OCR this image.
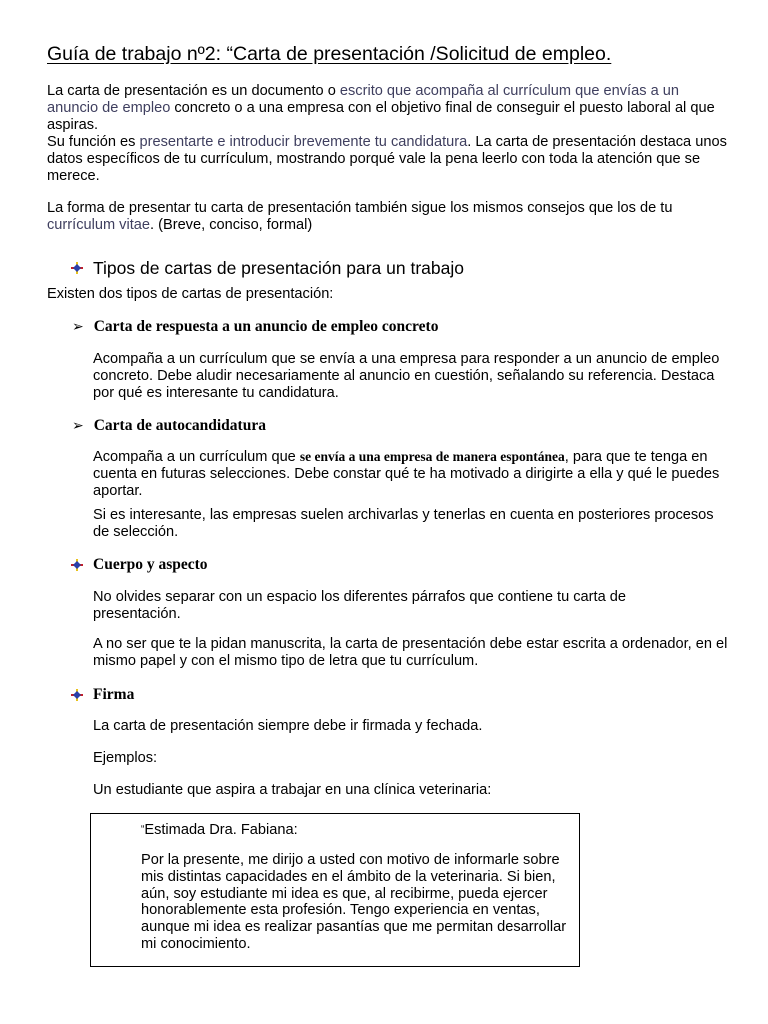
Guía de trabajo nº2: “Carta de presentación /Solicitud de empleo.

La carta de presentación es un documento o escrito que acompaña al currículum que envías a un anuncio de empleo concreto o a una empresa con el objetivo final de conseguir el puesto laboral al que aspiras.

Su función es presentarte e introducir brevemente tu candidatura. La carta de presentación destaca unos datos específicos de tu currículum, mostrando porqué vale la pena leerlo con toda la atención que se merece.

La forma de presentar tu carta de presentación también sigue los mismos consejos que los de tu currículum vitae. (Breve, conciso, formal)

Tipos de cartas de presentación para un trabajo

Existen dos tipos de cartas de presentación:

➢ Carta de respuesta a un anuncio de empleo concreto

Acompaña a un currículum que se envía a una empresa para responder a un anuncio de empleo concreto. Debe aludir necesariamente al anuncio en cuestión, señalando su referencia. Destaca por qué es interesante tu candidatura.

➢ Carta de autocandidatura

Acompaña a un currículum que se envía a una empresa de manera espontánea, para que te tenga en cuenta en futuras selecciones. Debe constar qué te ha motivado a dirigirte a ella y qué le puedes aportar.

Si es interesante, las empresas suelen archivarlas y tenerlas en cuenta en posteriores procesos de selección.

Cuerpo y aspecto

No olvides separar con un espacio los diferentes párrafos que contiene tu carta de presentación.

A no ser que te la pidan manuscrita, la carta de presentación debe estar escrita a ordenador, en el mismo papel y con el mismo tipo de letra que tu currículum.

Firma

La carta de presentación siempre debe ir firmada y fechada.

Ejemplos:

Un estudiante que aspira a trabajar en una clínica veterinaria:

“Estimada Dra. Fabiana:

Por la presente, me dirijo a usted con motivo de informarle sobre mis distintas capacidades en el ámbito de la veterinaria. Si bien, aún, soy estudiante mi idea es que, al recibirme, pueda ejercer honorablemente esta profesión. Tengo experiencia en ventas, aunque mi idea es realizar pasantías que me permitan desarrollar mi conocimiento.
